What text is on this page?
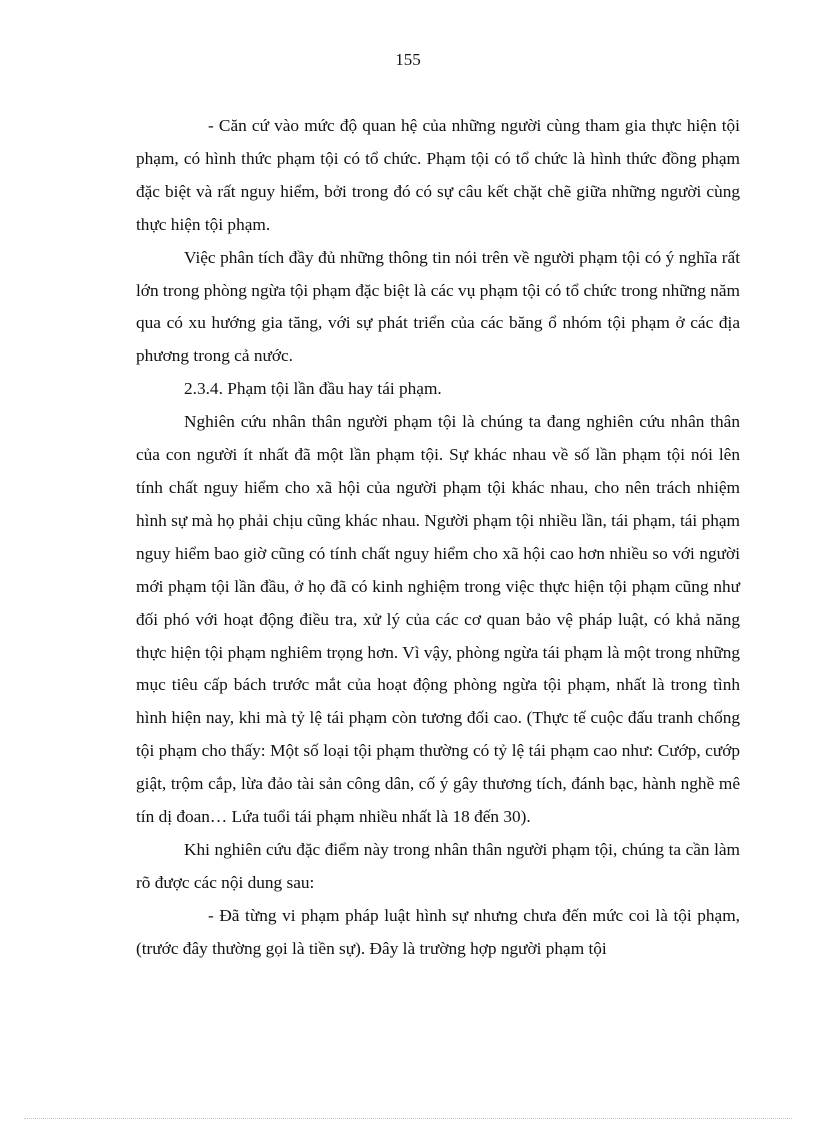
155

- Căn cứ vào mức độ quan hệ của những người cùng tham gia thực hiện tội phạm, có hình thức phạm tội có tổ chức. Phạm tội có tổ chức là hình thức đồng phạm đặc biệt và rất nguy hiểm, bởi trong đó có sự câu kết chặt chẽ giữa những người cùng thực hiện tội phạm.

Việc phân tích đầy đủ những thông tin nói trên về người phạm tội có ý nghĩa rất lớn trong phòng ngừa tội phạm đặc biệt là các vụ phạm tội có tổ chức trong những năm qua có xu hướng gia tăng, với sự phát triển của các băng ổ nhóm tội phạm ở các địa phương trong cả nước.

2.3.4. Phạm tội lần đầu hay tái phạm.

Nghiên cứu nhân thân người phạm tội là chúng ta đang nghiên cứu nhân thân của con người ít nhất đã một lần phạm tội. Sự khác nhau về số lần phạm tội nói lên tính chất nguy hiểm cho xã hội của người phạm tội khác nhau, cho nên trách nhiệm hình sự mà họ phải chịu cũng khác nhau. Người phạm tội nhiều lần, tái phạm, tái phạm nguy hiểm bao giờ cũng có tính chất nguy hiểm cho xã hội cao hơn nhiều so với người mới phạm tội lần đầu, ở họ đã có kinh nghiệm trong việc thực hiện tội phạm cũng như đối phó với hoạt động điều tra, xử lý của các cơ quan bảo vệ pháp luật, có khả năng thực hiện tội phạm nghiêm trọng hơn. Vì vậy, phòng ngừa tái phạm là một trong những mục tiêu cấp bách trước mắt của hoạt động phòng ngừa tội phạm, nhất là trong tình hình hiện nay, khi mà tỷ lệ tái phạm còn tương đối cao. (Thực tế cuộc đấu tranh chống tội phạm cho thấy: Một số loại tội phạm thường có tỷ lệ tái phạm cao như: Cướp, cướp giật, trộm cắp, lừa đảo tài sản công dân, cố ý gây thương tích, đánh bạc, hành nghề mê tín dị đoan… Lứa tuổi tái phạm nhiều nhất là 18 đến 30).

Khi nghiên cứu đặc điểm này trong nhân thân người phạm tội, chúng ta cần làm rõ được các nội dung sau:

- Đã từng vi phạm pháp luật hình sự nhưng chưa đến mức coi là tội phạm, (trước đây thường gọi là tiền sự). Đây là trường hợp người phạm tội
